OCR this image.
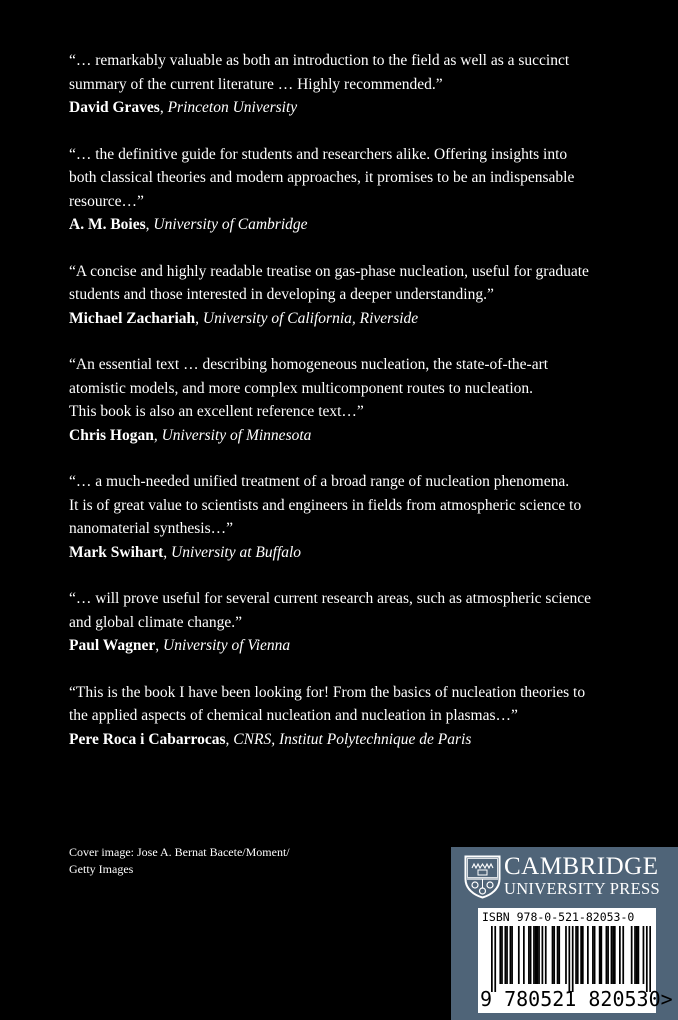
“… remarkably valuable as both an introduction to the field as well as a succinct
summary of the current literature … Highly recommended.”

David Graves, Princeton University

“… the definitive guide for students and researchers alike. Offering insights into
both classical theories and modern approaches, it promises to be an indispensable
resource…”

A. M. Boies, University of Cambridge

“A concise and highly readable treatise on gas-phase nucleation, useful for graduate
students and those interested in developing a deeper understanding.”

Michael Zachariah, University of California, Riverside

“An essential text … describing homogeneous nucleation, the state-of-the-art
atomistic models, and more complex multicomponent routes to nucleation.
This book is also an excellent reference text…”

Chris Hogan, University of Minnesota

“… a much-needed unified treatment of a broad range of nucleation phenomena.
It is of great value to scientists and engineers in fields from atmospheric science to
nanomaterial synthesis…”

Mark Swihart, University at Buffalo

“… will prove useful for several current research areas, such as atmospheric science
and global climate change.”

Paul Wagner, University of Vienna

“This is the book I have been looking for! From the basics of nucleation theories to
the applied aspects of chemical nucleation and nucleation in plasmas…”

Pere Roca i Cabarrocas, CNRS, Institut Polytechnique de Paris

Cover image: Jose A. Bernat Bacete/Moment/
Getty Images	CAMBRIDGE
UNIVERSITY PRESS
ISBN 978-0-521-82053-0
9 780521 820530>
